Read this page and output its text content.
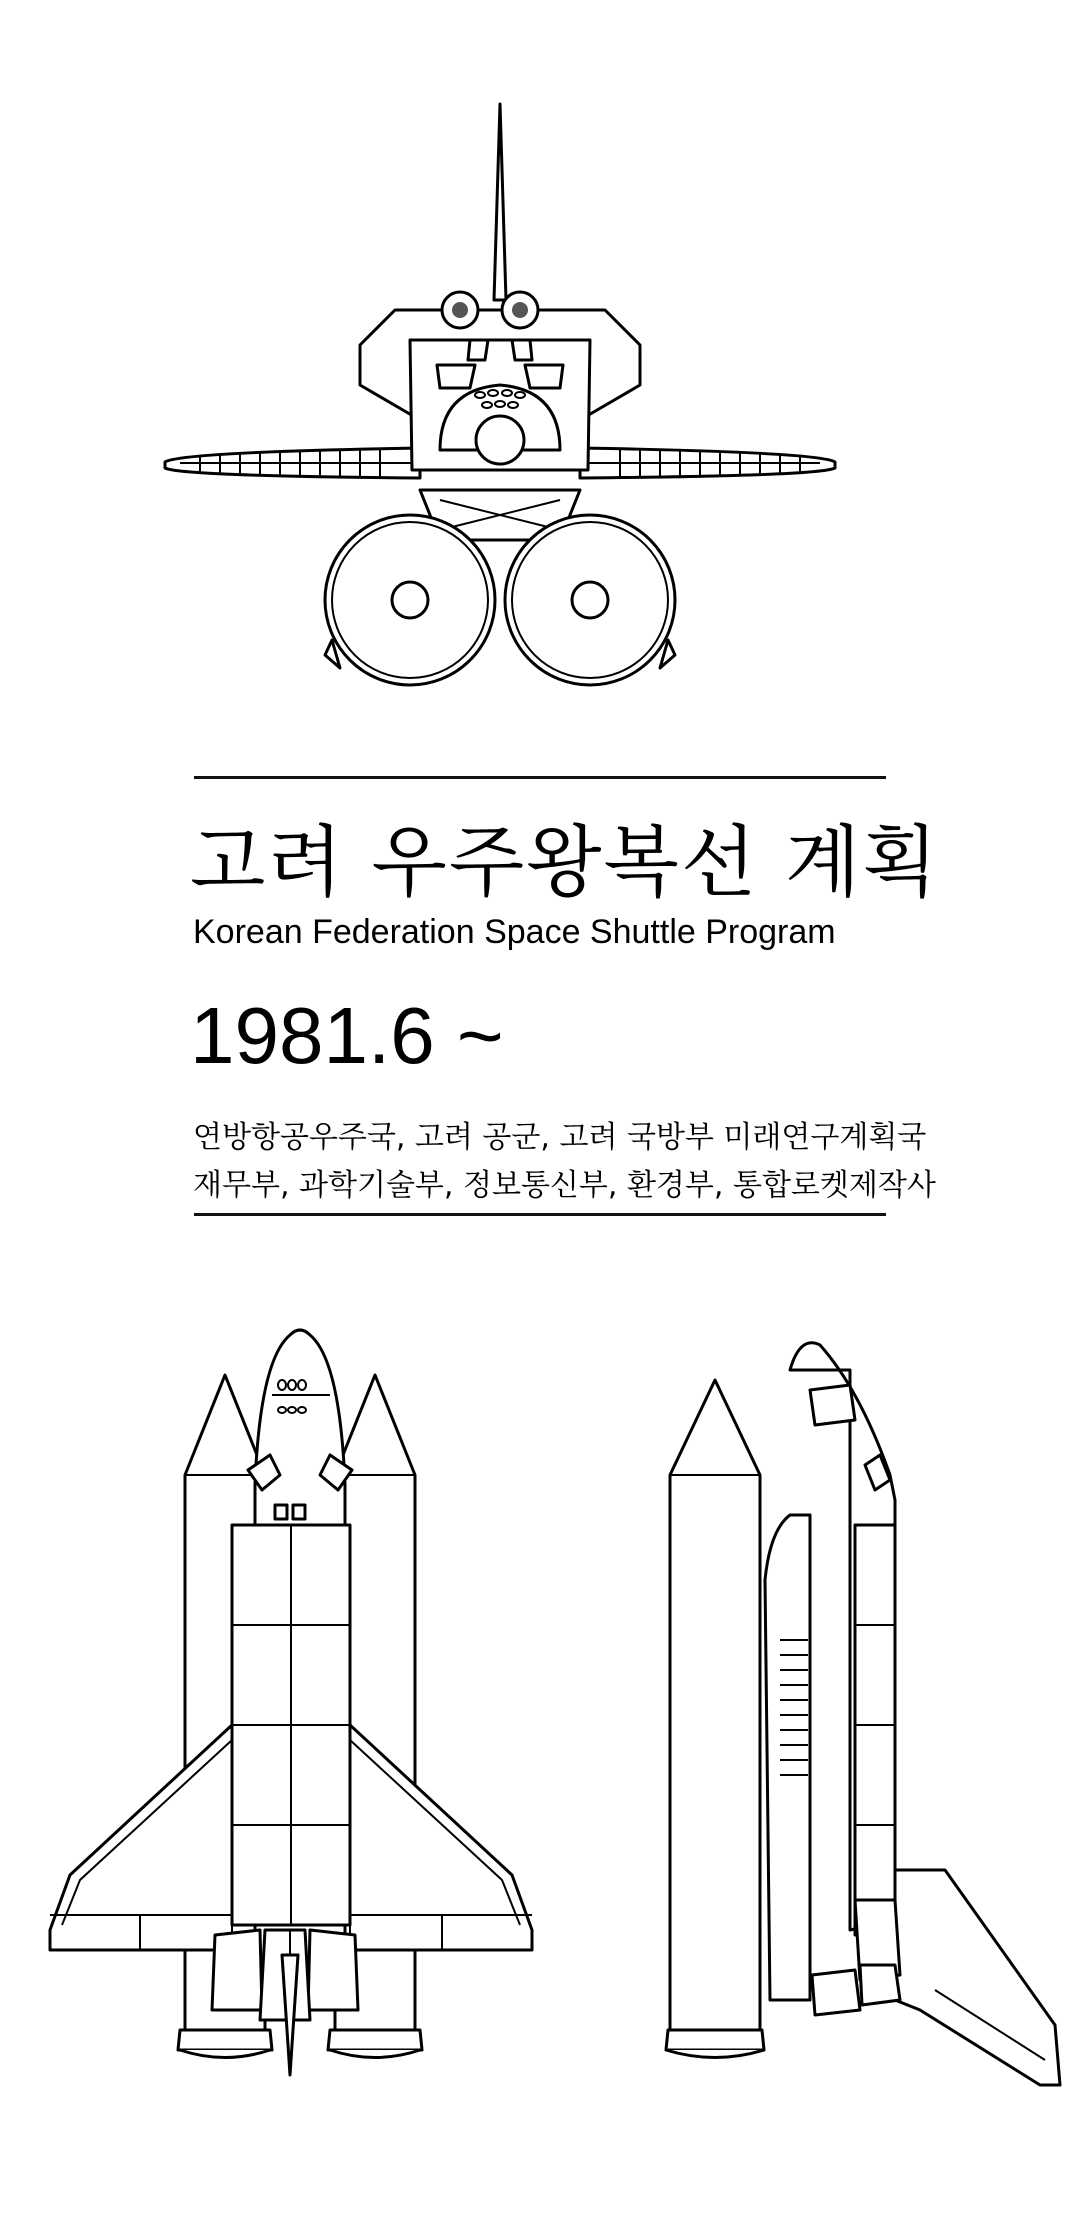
고려 우주왕복선 계획
Korean Federation Space Shuttle Program
1981.6 ~
연방항공우주국, 고려 공군, 고려 국방부 미래연구계획국
재무부, 과학기술부, 정보통신부, 환경부, 통합로켓제작사
